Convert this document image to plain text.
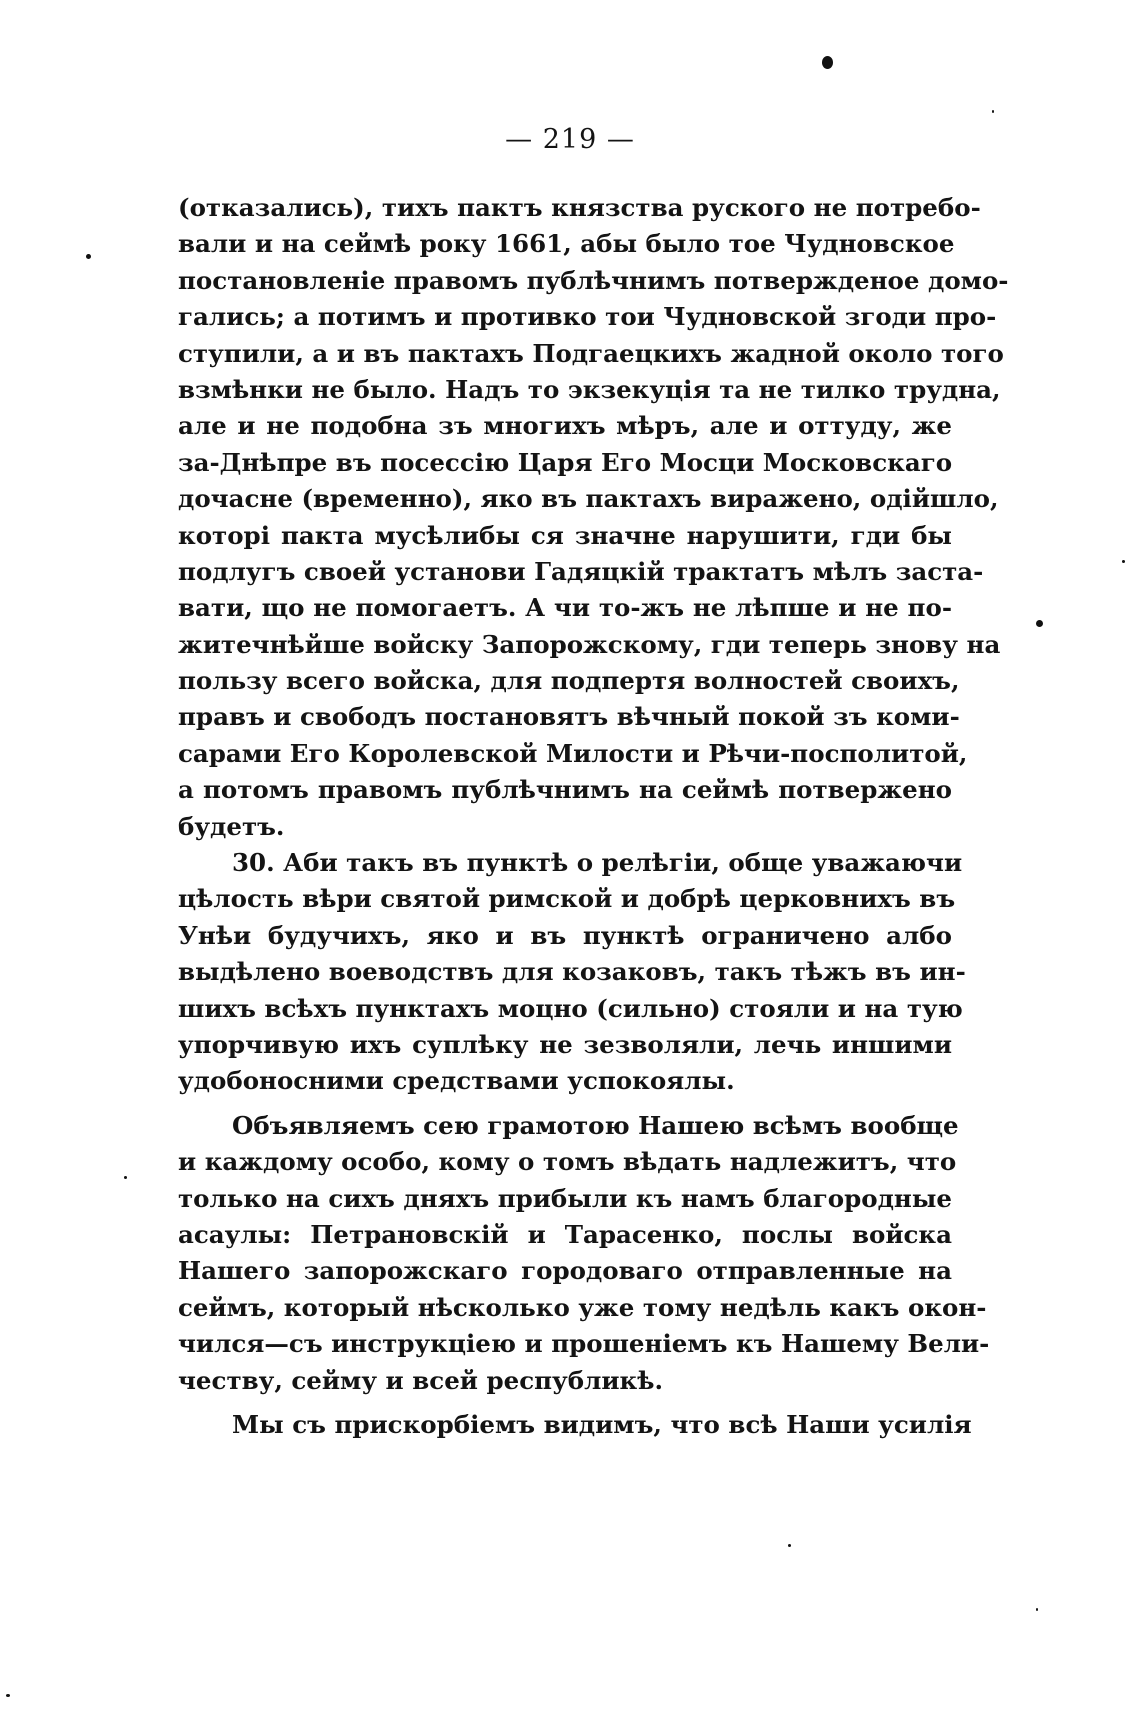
— 219 —
(отказались), тихъ пактъ князства руского не потребо-
вали и на сеймѣ року 1661, абы было тое Чудновское
постановленіе правомъ публѣчнимъ потвержденое домо-
гались; а потимъ и противко тои Чудновской згоди про-
ступили, а и въ пактахъ Подгаецкихъ жадной около того
взмѣнки не было. Надъ то экзекуція та не тилко трудна,
але и не подобна зъ многихъ мѣръ, але и оттуду, же
за-Днѣпре въ посессію Царя Его Мосци Московскаго
дочасне (временно), яко въ пактахъ виражено, одійшло,
которі пакта мусѣлибы ся значне нарушити, гди бы
подлугъ своей установи Гадяцкій трактатъ мѣлъ заста-
вати, що не помогаетъ. А чи то-жъ не лѣпше и не по-
житечнѣйше войску Запорожскому, гди теперь знову на
пользу всего войска, для подпертя волностей своихъ,
правъ и свободъ постановятъ вѣчный покой зъ коми-
сарами Его Королевской Милости и Рѣчи-посполитой,
а потомъ правомъ публѣчнимъ на сеймѣ потвержено
будетъ.
30. Аби такъ въ пунктѣ о релѣгіи, обще уважаючи
цѣлость вѣри святой римской и добрѣ церковнихъ въ
Унѣи будучихъ, яко и въ пунктѣ ограничено албо
выдѣлено воеводствъ для козаковъ, такъ тѣжъ въ ин-
шихъ всѣхъ пунктахъ моцно (сильно) стояли и на тую
упорчивую ихъ суплѣку не зезволяли, лечь иншими
удобоносними средствами успокоялы.
Объявляемъ сею грамотою Нашею всѣмъ вообще
и каждому особо, кому о томъ вѣдать надлежитъ, что
только на сихъ дняхъ прибыли къ намъ благородные
асаулы: Петрановскій и Тарасенко, послы войска
Нашего запорожскаго городоваго отправленные на
сеймъ, который нѣсколько уже тому недѣль какъ окон-
чился—съ инструкціею и прошеніемъ къ Нашему Вели-
честву, сейму и всей республикѣ.
Мы съ прискорбіемъ видимъ, что всѣ Наши усилія
